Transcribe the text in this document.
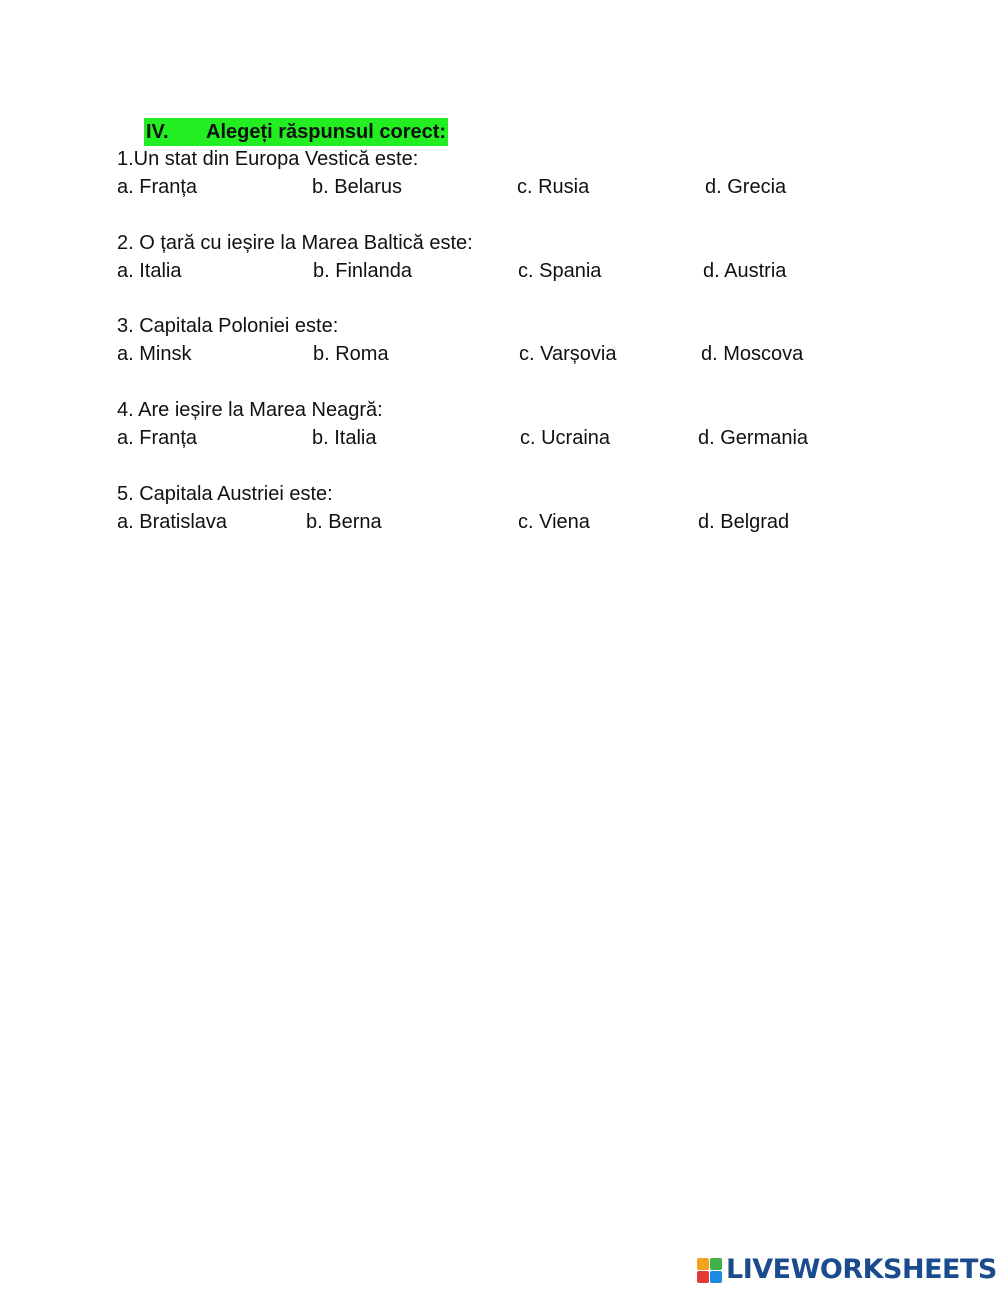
IV. Alegeți răspunsul corect:
1.Un stat din Europa Vestică este:
a. Franța	b. Belarus	c. Rusia	d. Grecia
2. O țară cu ieșire la Marea Baltică este:
a. Italia	b. Finlanda	c. Spania	d. Austria
3. Capitala Poloniei este:
a. Minsk	b. Roma	c. Varșovia	d. Moscova
4. Are ieșire la Marea Neagră:
a. Franța	b. Italia	c. Ucraina	d. Germania
5. Capitala Austriei este:
a. Bratislava	b. Berna	c. Viena	d. Belgrad
LIVEWORKSHEETS
